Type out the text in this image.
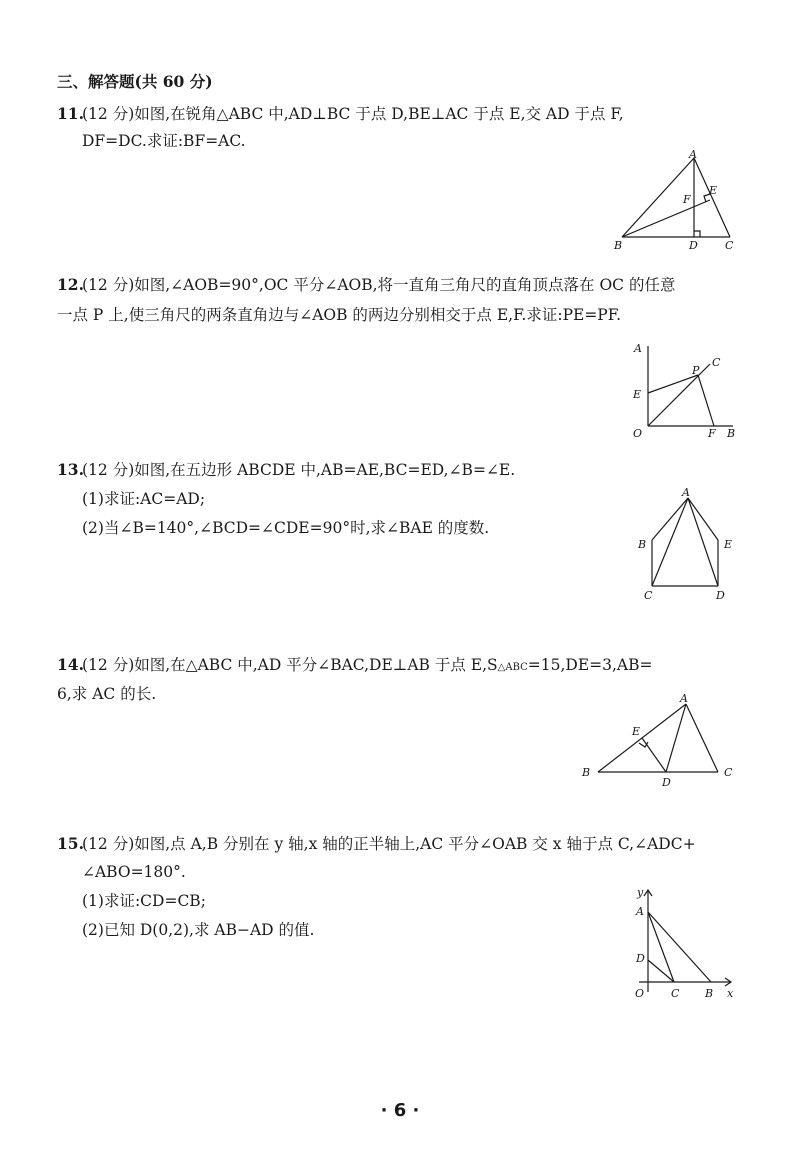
三、解答题(共 60 分)
11.
(12 分)如图,在锐角△ABC 中,AD⊥BC 于点 D,BE⊥AC 于点 E,交 AD 于点 F,
DF=DC.求证:BF=AC.
A
B	C
D
E
F
12.
(12 分)如图,∠AOB=90°,OC 平分∠AOB,将一直角三角尺的直角顶点落在 OC 的任意
一点 P 上,使三角尺的两条直角边与∠AOB 的两边分别相交于点 E,F.求证:PE=PF.
A
E
O	F B
P
C
13.
(12 分)如图,在五边形 ABCDE 中,AB=AE,BC=ED,∠B=∠E.
(1)求证:AC=AD;
(2)当∠B=140°,∠BCD=∠CDE=90°时,求∠BAE 的度数.
A
B
C	D
E
14.
(12 分)如图,在△ABC 中,AD 平分∠BAC,DE⊥AB 于点 E,S△ABC=15,DE=3,AB=
6,求 AC 的长.	A
B	C
D
E
15.
(12 分)如图,点 A,B 分别在 y 轴,x 轴的正半轴上,AC 平分∠OAB 交 x 轴于点 C,∠ADC+
∠ABO=180°.
(1)求证:CD=CB;
(2)已知 D(0,2),求 AB−AD 的值.
y
A
D
O C B x
· 6 ·
